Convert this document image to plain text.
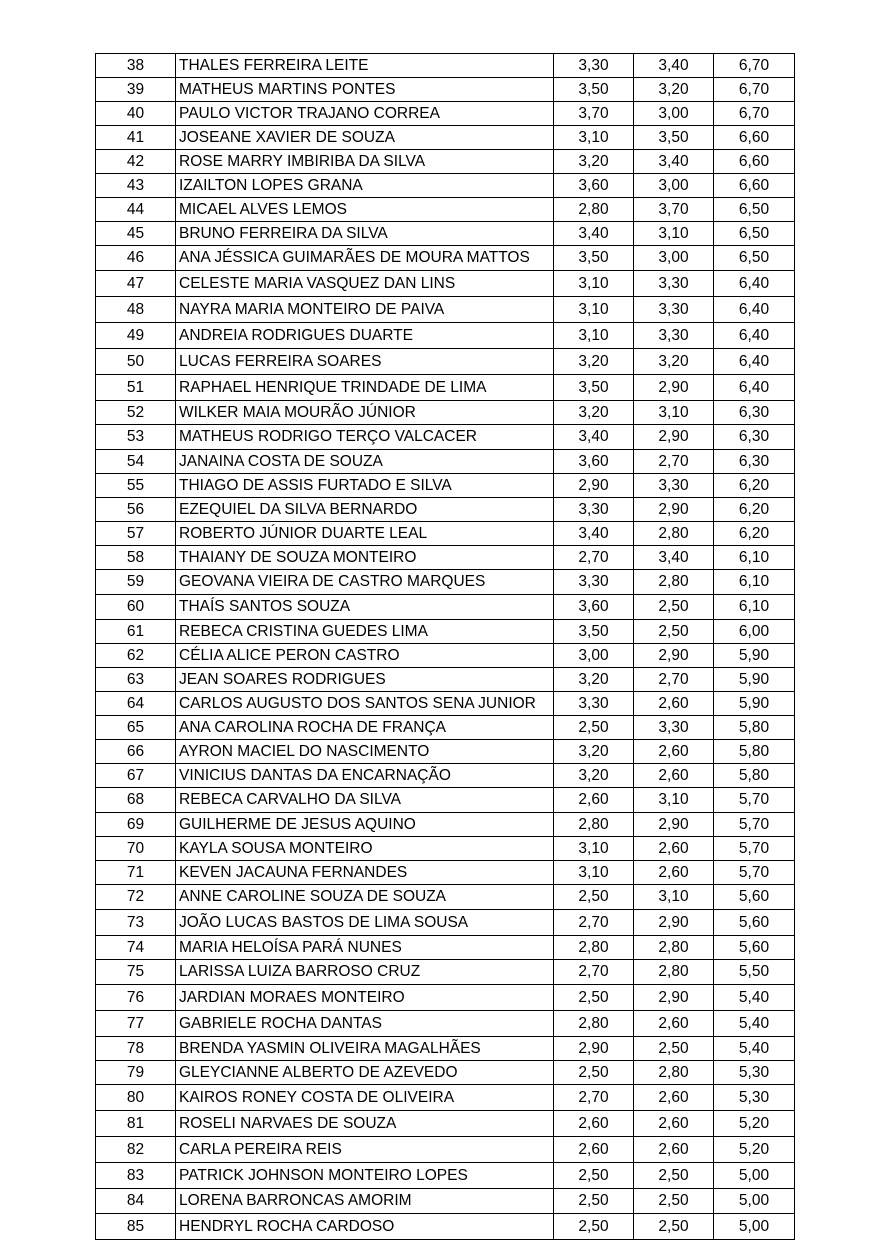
38	THALES FERREIRA LEITE	3,30	3,40	6,70
39	MATHEUS MARTINS PONTES	3,50	3,20	6,70
40	PAULO VICTOR TRAJANO CORREA	3,70	3,00	6,70
41	JOSEANE XAVIER DE SOUZA	3,10	3,50	6,60
42	ROSE MARRY IMBIRIBA DA SILVA	3,20	3,40	6,60
43	IZAILTON LOPES GRANA	3,60	3,00	6,60
44	MICAEL ALVES LEMOS	2,80	3,70	6,50
45	BRUNO FERREIRA DA SILVA	3,40	3,10	6,50
46	ANA JÉSSICA GUIMARÃES DE MOURA MATTOS	3,50	3,00	6,50
47	CELESTE MARIA VASQUEZ DAN LINS	3,10	3,30	6,40
48	NAYRA MARIA MONTEIRO DE PAIVA	3,10	3,30	6,40
49	ANDREIA RODRIGUES DUARTE	3,10	3,30	6,40
50	LUCAS FERREIRA SOARES	3,20	3,20	6,40
51	RAPHAEL HENRIQUE TRINDADE DE LIMA	3,50	2,90	6,40
52	WILKER MAIA MOURÃO JÚNIOR	3,20	3,10	6,30
53	MATHEUS RODRIGO TERÇO VALCACER	3,40	2,90	6,30
54	JANAINA COSTA DE SOUZA	3,60	2,70	6,30
55	THIAGO DE ASSIS FURTADO E SILVA	2,90	3,30	6,20
56	EZEQUIEL DA SILVA BERNARDO	3,30	2,90	6,20
57	ROBERTO JÚNIOR DUARTE LEAL	3,40	2,80	6,20
58	THAIANY DE SOUZA MONTEIRO	2,70	3,40	6,10
59	GEOVANA VIEIRA DE CASTRO MARQUES	3,30	2,80	6,10
60	THAÍS SANTOS SOUZA	3,60	2,50	6,10
61	REBECA CRISTINA GUEDES LIMA	3,50	2,50	6,00
62	CÉLIA ALICE PERON CASTRO	3,00	2,90	5,90
63	JEAN SOARES RODRIGUES	3,20	2,70	5,90
64	CARLOS AUGUSTO DOS SANTOS SENA JUNIOR	3,30	2,60	5,90
65	ANA CAROLINA ROCHA DE FRANÇA	2,50	3,30	5,80
66	AYRON MACIEL DO NASCIMENTO	3,20	2,60	5,80
67	VINICIUS DANTAS DA ENCARNAÇÃO	3,20	2,60	5,80
68	REBECA CARVALHO DA SILVA	2,60	3,10	5,70
69	GUILHERME DE JESUS AQUINO	2,80	2,90	5,70
70	KAYLA SOUSA MONTEIRO	3,10	2,60	5,70
71	KEVEN JACAUNA FERNANDES	3,10	2,60	5,70
72	ANNE CAROLINE SOUZA DE SOUZA	2,50	3,10	5,60
73	JOÃO LUCAS BASTOS DE LIMA SOUSA	2,70	2,90	5,60
74	MARIA HELOÍSA PARÁ NUNES	2,80	2,80	5,60
75	LARISSA LUIZA BARROSO CRUZ	2,70	2,80	5,50
76	JARDIAN MORAES MONTEIRO	2,50	2,90	5,40
77	GABRIELE ROCHA DANTAS	2,80	2,60	5,40
78	BRENDA YASMIN OLIVEIRA MAGALHÃES	2,90	2,50	5,40
79	GLEYCIANNE ALBERTO DE AZEVEDO	2,50	2,80	5,30
80	KAIROS RONEY COSTA DE OLIVEIRA	2,70	2,60	5,30
81	ROSELI NARVAES DE SOUZA	2,60	2,60	5,20
82	CARLA PEREIRA REIS	2,60	2,60	5,20
83	PATRICK JOHNSON MONTEIRO LOPES	2,50	2,50	5,00
84	LORENA BARRONCAS AMORIM	2,50	2,50	5,00
85	HENDRYL ROCHA CARDOSO	2,50	2,50	5,00
